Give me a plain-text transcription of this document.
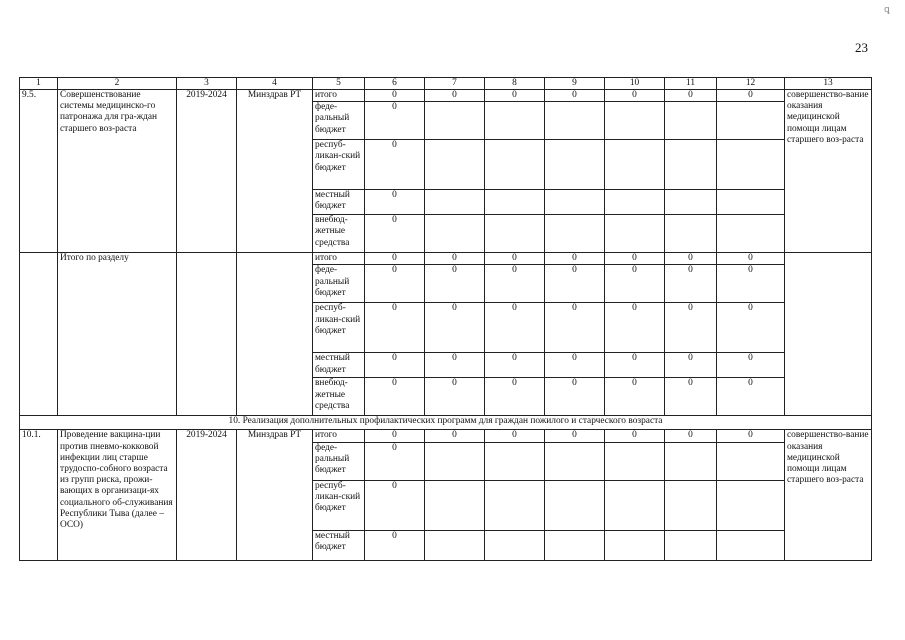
23
ꝗ
1	2	3	4	5	6	7	8	9	10	11	12	13
9.5.	Совершенствование системы медицинско-го патронажа для гра-ждан старшего воз-раста	2019-2024	Минздрав РТ	итого	0	0	0	0	0	0	0	совершенство-вание оказания медицинской помощи лицам старшего воз-раста
				феде-ральный бюджет	0							
				респуб-ликан-ский бюджет	0							
				местный бюджет	0							
				внебюд-жетные средства	0							
	Итого по разделу			итого	0	0	0	0	0	0	0	
				феде-ральный бюджет	0	0	0	0	0	0	0	
				респуб-ликан-ский бюджет	0	0	0	0	0	0	0	
				местный бюджет	0	0	0	0	0	0	0	
				внебюд-жетные средства	0	0	0	0	0	0	0	
10. Реализация дополнительных профилактических программ для граждан пожилого и старческого возраста												
10.1.	Проведение вакцина-ции против пневмо-кокковой инфекции лиц старше трудоспо-собного возраста из групп риска, прожи-вающих в организаци-ях социального об-служивания Республики Тыва (далее – ОСО)	2019-2024	Минздрав РТ	итого	0	0	0	0	0	0	0	совершенство-вание оказания медицинской помощи лицам старшего воз-раста
				феде-ральный бюджет	0							
				респуб-ликан-ский бюджет	0							
				местный бюджет	0							
